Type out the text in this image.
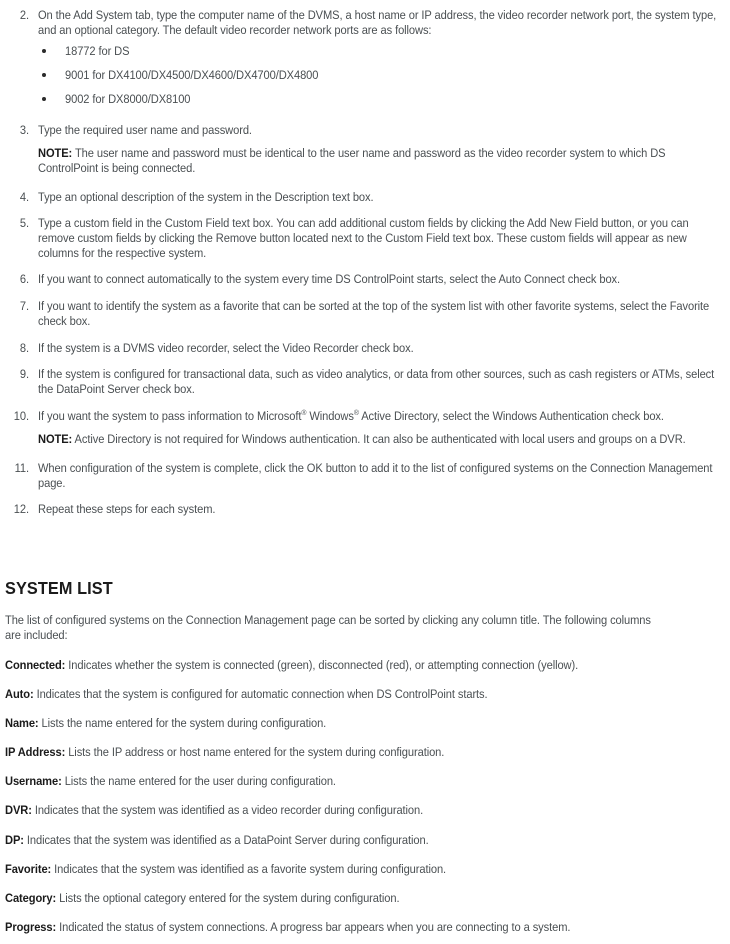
2. On the Add System tab, type the computer name of the DVMS, a host name or IP address, the video recorder network port, the system type, and an optional category. The default video recorder network ports are as follows:
18772 for DS
9001 for DX4100/DX4500/DX4600/DX4700/DX4800
9002 for DX8000/DX8100
3. Type the required user name and password.
NOTE: The user name and password must be identical to the user name and password as the video recorder system to which DS ControlPoint is being connected.
4. Type an optional description of the system in the Description text box.
5. Type a custom field in the Custom Field text box. You can add additional custom fields by clicking the Add New Field button, or you can remove custom fields by clicking the Remove button located next to the Custom Field text box. These custom fields will appear as new columns for the respective system.
6. If you want to connect automatically to the system every time DS ControlPoint starts, select the Auto Connect check box.
7. If you want to identify the system as a favorite that can be sorted at the top of the system list with other favorite systems, select the Favorite check box.
8. If the system is a DVMS video recorder, select the Video Recorder check box.
9. If the system is configured for transactional data, such as video analytics, or data from other sources, such as cash registers or ATMs, select the DataPoint Server check box.
10. If you want the system to pass information to Microsoft® Windows® Active Directory, select the Windows Authentication check box.
NOTE: Active Directory is not required for Windows authentication. It can also be authenticated with local users and groups on a DVR.
11. When configuration of the system is complete, click the OK button to add it to the list of configured systems on the Connection Management page.
12. Repeat these steps for each system.
SYSTEM LIST

The list of configured systems on the Connection Management page can be sorted by clicking any column title. The following columns are included:

Connected: Indicates whether the system is connected (green), disconnected (red), or attempting connection (yellow).
Auto: Indicates that the system is configured for automatic connection when DS ControlPoint starts.
Name: Lists the name entered for the system during configuration.
IP Address: Lists the IP address or host name entered for the system during configuration.
Username: Lists the name entered for the user during configuration.
DVR: Indicates that the system was identified as a video recorder during configuration.
DP: Indicates that the system was identified as a DataPoint Server during configuration.
Favorite: Indicates that the system was identified as a favorite system during configuration.
Category: Lists the optional category entered for the system during configuration.
Progress: Indicated the status of system connections. A progress bar appears when you are connecting to a system.
